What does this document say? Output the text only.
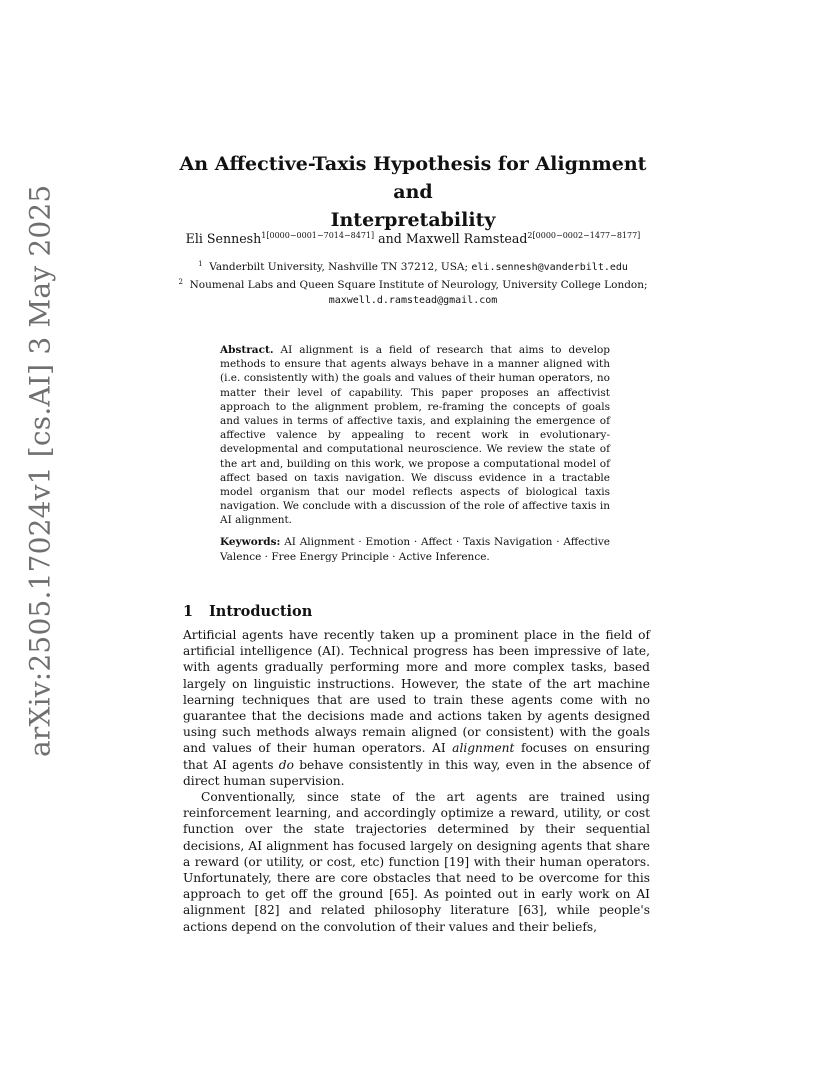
arXiv:2505.17024v1 [cs.AI] 3 May 2025
An Affective-Taxis Hypothesis for Alignment and
Interpretability
Eli Sennesh$^{1[0000-0001-7014-8471]}$ and Maxwell Ramstead$^{2[0000-0002-1477-8177]}$
$^1$ Vanderbilt University, Nashville TN 37212, USA; eli.sennesh@vanderbilt.edu
$^2$ Noumenal Labs and Queen Square Institute of Neurology, University College London; maxwell.d.ramstead@gmail.com
Abstract. AI alignment is a field of research that aims to develop methods to ensure that agents always behave in a manner aligned with (i.e. consistently with) the goals and values of their human operators, no matter their level of capability. This paper proposes an affectivist approach to the alignment problem, re-framing the concepts of goals and values in terms of affective taxis, and explaining the emergence of affective valence by appealing to recent work in evolutionary-developmental and computational neuroscience. We review the state of the art and, building on this work, we propose a computational model of affect based on taxis navigation. We discuss evidence in a tractable model organism that our model reflects aspects of biological taxis navigation. We conclude with a discussion of the role of affective taxis in AI alignment.
Keywords: AI Alignment · Emotion · Affect · Taxis Navigation · Affective Valence · Free Energy Principle · Active Inference.
1 Introduction

Artificial agents have recently taken up a prominent place in the field of artificial intelligence (AI). Technical progress has been impressive of late, with agents gradually performing more and more complex tasks, based largely on linguistic instructions. However, the state of the art machine learning techniques that are used to train these agents come with no guarantee that the decisions made and actions taken by agents designed using such methods always remain aligned (or consistent) with the goals and values of their human operators. AI alignment focuses on ensuring that AI agents do behave consistently in this way, even in the absence of direct human supervision.

Conventionally, since state of the art agents are trained using reinforcement learning, and accordingly optimize a reward, utility, or cost function over the state trajectories determined by their sequential decisions, AI alignment has focused largely on designing agents that share a reward (or utility, or cost, etc) function [19] with their human operators. Unfortunately, there are core obstacles that need to be overcome for this approach to get off the ground [65]. As pointed out in early work on AI alignment [82] and related philosophy literature [63], while people's actions depend on the convolution of their values and their beliefs,
